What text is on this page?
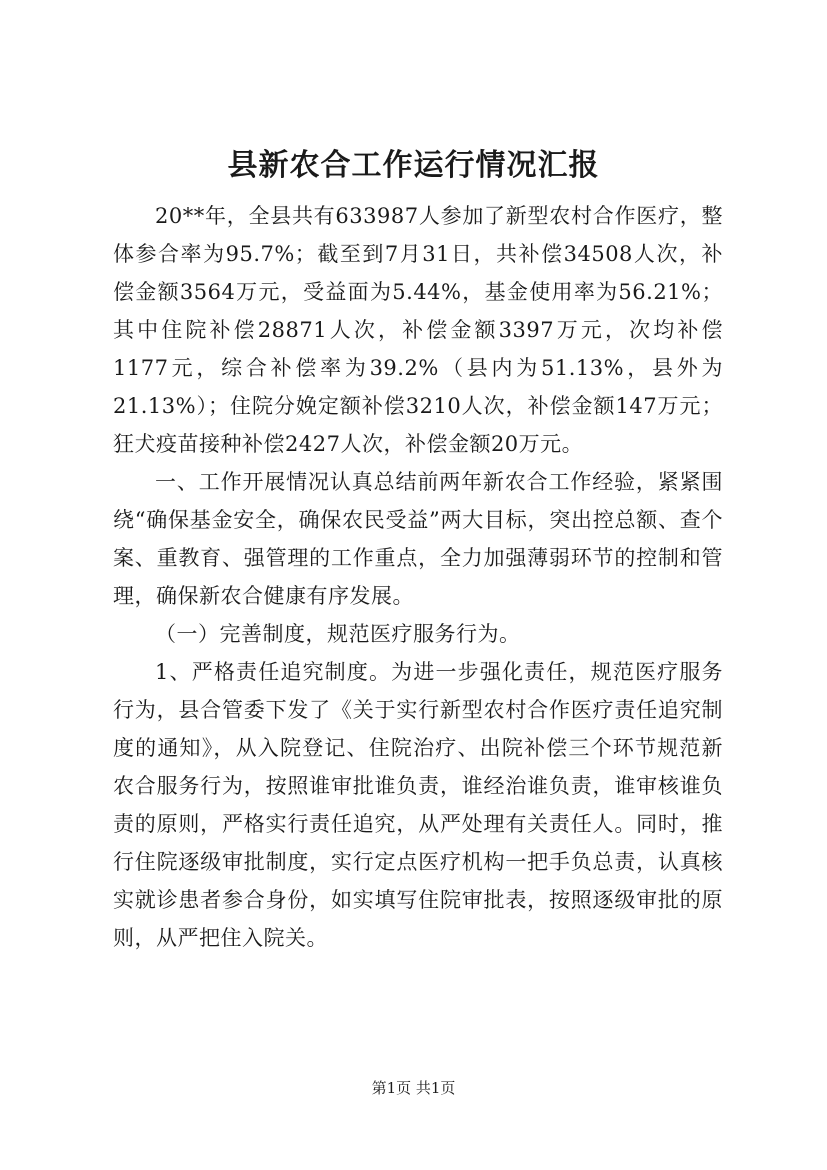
县新农合工作运行情况汇报

20**年，全县共有633987人参加了新型农村合作医疗，整体参合率为95.7%；截至到7月31日，共补偿34508人次，补偿金额3564万元，受益面为5.44%，基金使用率为56.21%；其中住院补偿28871人次，补偿金额3397万元，次均补偿1177元，综合补偿率为39.2%（县内为51.13%，县外为21.13%）；住院分娩定额补偿3210人次，补偿金额147万元；狂犬疫苗接种补偿2427人次，补偿金额20万元。

一、工作开展情况认真总结前两年新农合工作经验，紧紧围绕“确保基金安全，确保农民受益”两大目标，突出控总额、查个案、重教育、强管理的工作重点，全力加强薄弱环节的控制和管理，确保新农合健康有序发展。

（一）完善制度，规范医疗服务行为。

1、严格责任追究制度。为进一步强化责任，规范医疗服务行为，县合管委下发了《关于实行新型农村合作医疗责任追究制度的通知》，从入院登记、住院治疗、出院补偿三个环节规范新农合服务行为，按照谁审批谁负责，谁经治谁负责，谁审核谁负责的原则，严格实行责任追究，从严处理有关责任人。同时，推行住院逐级审批制度，实行定点医疗机构一把手负总责，认真核实就诊患者参合身份，如实填写住院审批表，按照逐级审批的原则，从严把住入院关。

第1页 共1页
